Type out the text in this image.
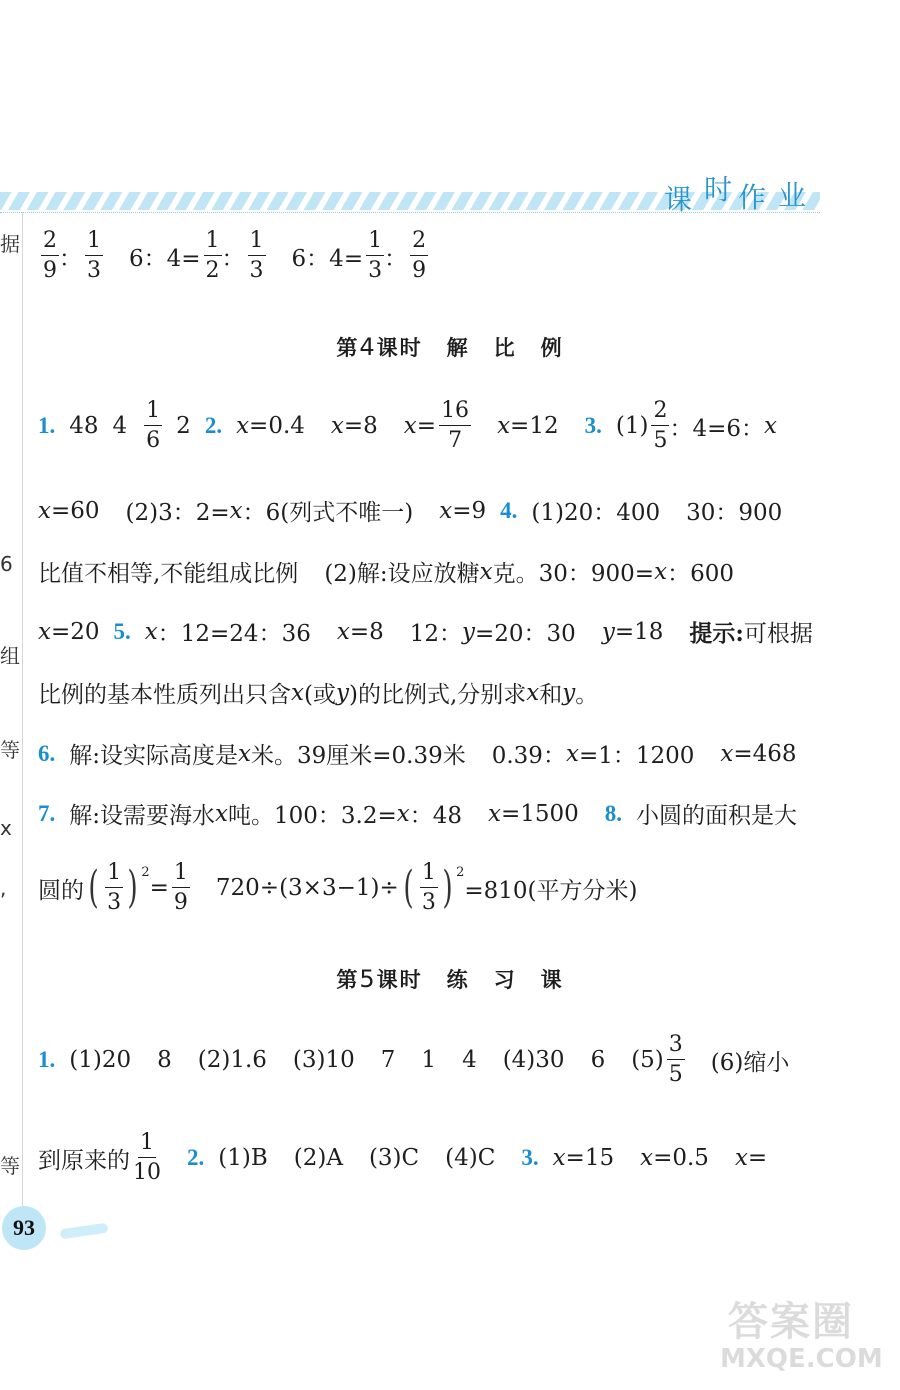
课 时 作 业
据
6
组
等
x
,
等
$\frac{2}{9}$ ： $\frac{1}{3} 6$：$4= \frac{1}{2}$ ： $\frac{1}{3} 6$：$4= \frac{1}{3}$ ： $\frac{2}{9}$
第4课时 解 比 例
1. 48 $4 \frac{1}{6} 2$ 2. x =0.4 x =8 $x = \frac{16}{7}$ x =12 3. $(1) \frac{2}{5}$ ：4=6： x
x =60 (2)3：2= x ：6(列式不唯一) x =9 4. (1)20：400 30：900
比值不相等,不能组成比例 (2)解:设应放糖 x 克。30：900= x ：600
x =20 5. x ：12=24：36 x =8 12： y =20：30 y =18 提示: 可根据
比例的基本性质列出只含 x (或 y )的比例式,分别求 x 和 y 。
6. 解:设实际高度是 x 米。39厘米=0.39米 0.39： x =1：1200 x =468
7. 解:设需要海水 x 吨。100：3.2= x ：48 x =1500 8. 小圆的面积是大
圆的 ( $\frac{1}{3}$ ) 2
= $\frac{1}{9} 720\div(3\times 3-1)\div$ ( $\frac{1}{3}$ ) 2
=810(平方分米)
第5课时 练 习 课
1. (1)20 8 (2)1.6 (3)10 7 1 4 (4)30 6 $(5) \frac{3}{5} (6)$缩小
到原来的 $\frac{1}{10} 2$. (1)B (2)A (3)C (4)C 3. x =15 x =0.5 x =
93
答案圈
MXQE.COM
